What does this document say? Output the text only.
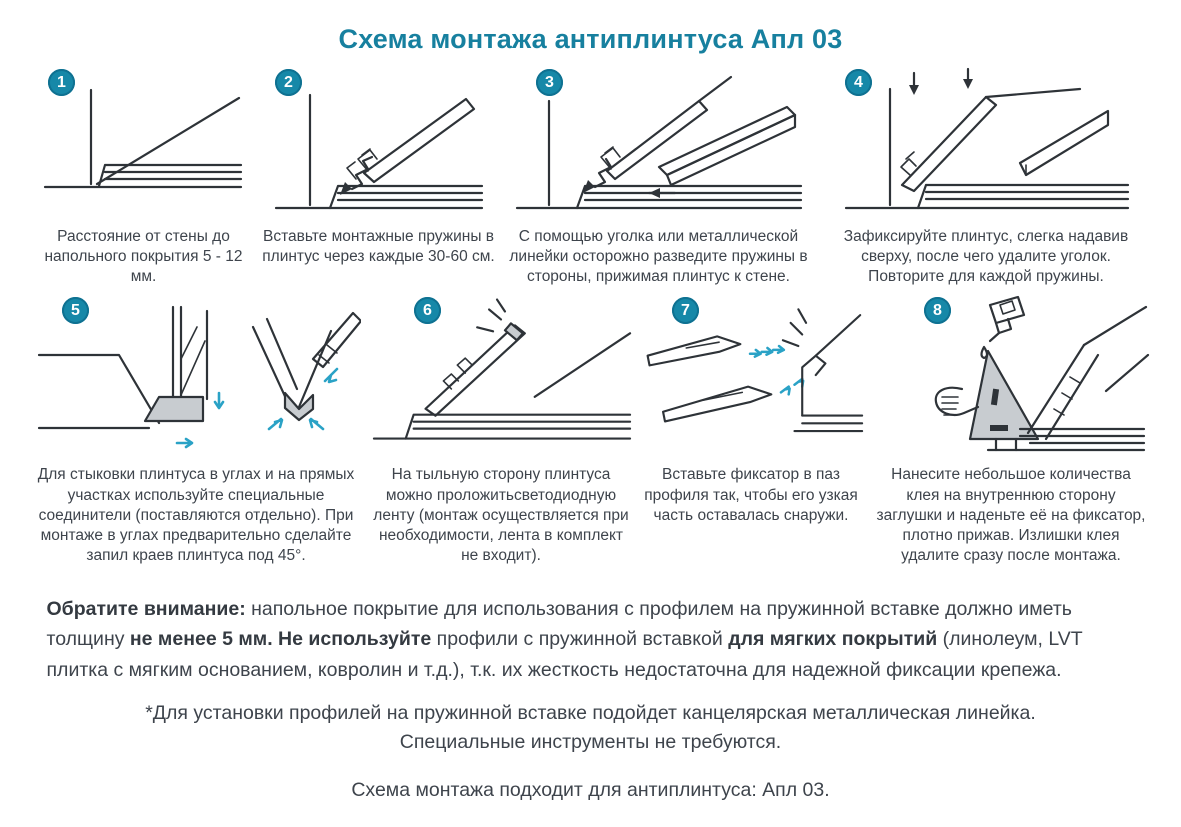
Схема монтажа антиплинтуса Апл 03
1
Расстояние от стены до напольного покрытия 5 - 12 мм.
2
Вставьте монтажные пружины в плинтус через каждые 30-60 см.
3
С помощью уголка или металлической линейки осторожно разведите пружины в стороны, прижимая плинтус к стене.
4
Зафиксируйте плинтус, слегка надавив сверху, после чего удалите уголок. Повторите для каждой пружины.
5
Для стыковки плинтуса в углах и на прямых участках используйте специальные соединители (поставляются отдельно). При монтаже в углах предварительно сделайте запил краев плинтуса под 45°.
6
На тыльную сторону плинтуса можно проложитьсветодиодную ленту (монтаж осуществляется при необходимости, лента в комплект не входит).
7
Вставьте фиксатор в паз профиля так, чтобы его узкая часть оставалась снаружи.
8
Нанесите небольшое количества клея на внутреннюю сторону заглушки и наденьте её на фиксатор, плотно прижав. Излишки клея удалите сразу после монтажа.
Обратите внимание: напольное покрытие для использования с профилем на пружинной вставке должно иметь толщину не менее 5 мм. Не используйте профили с пружинной вставкой для мягких покрытий (линолеум, LVT плитка с мягким основанием, ковролин и т.д.), т.к. их жесткость недостаточна для надежной фиксации крепежа.
*Для установки профилей на пружинной вставке подойдет канцелярская металлическая линейка.
Специальные инструменты не требуются.
Схема монтажа подходит для антиплинтуса: Апл 03.
